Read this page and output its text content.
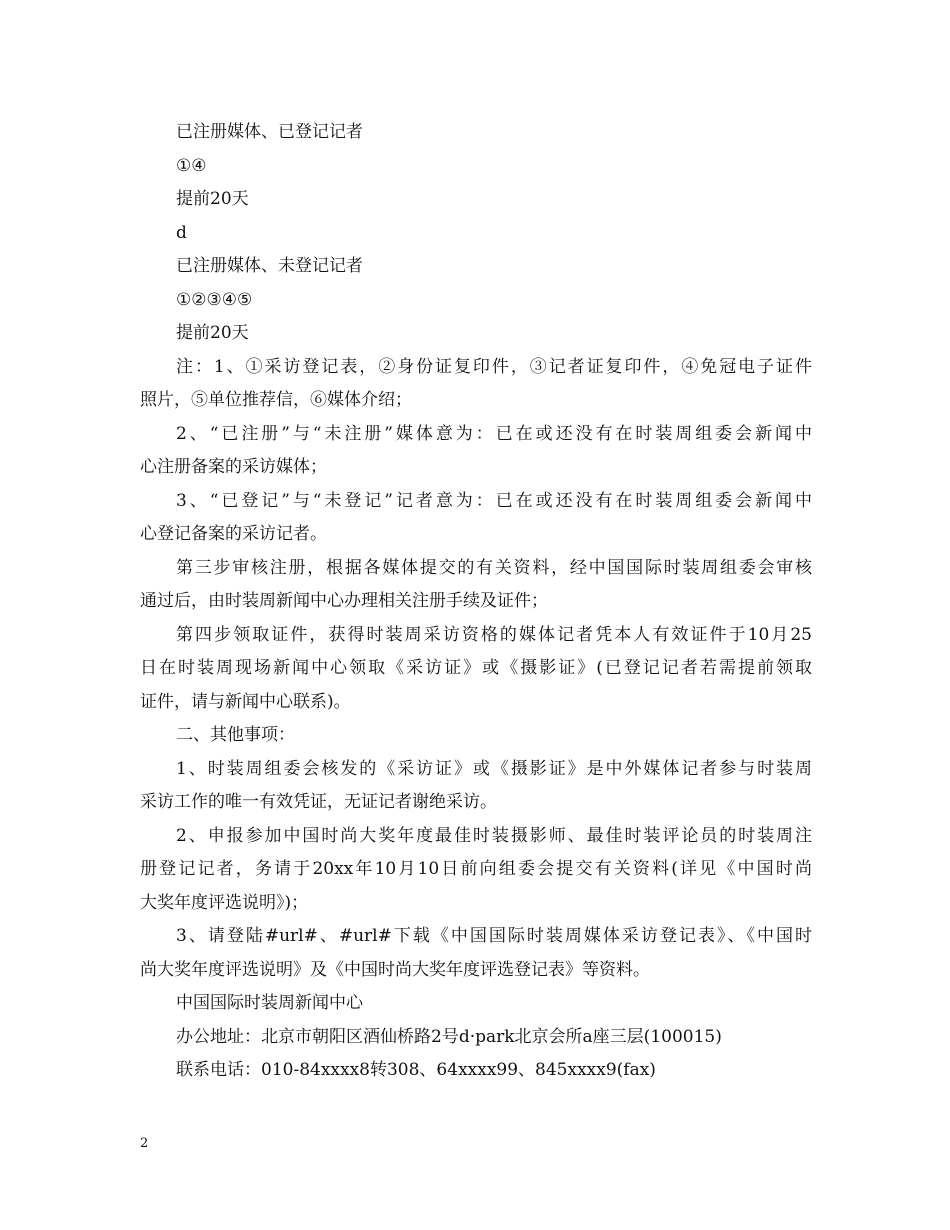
已注册媒体、已登记记者
①④
提前20天
d
已注册媒体、未登记记者
①②③④⑤
提前20天
注：1、①采访登记表，②身份证复印件，③记者证复印件，④免冠电子证件
照片，⑤单位推荐信，⑥媒体介绍；
2、“已注册”与“未注册”媒体意为：已在或还没有在时装周组委会新闻中
心注册备案的采访媒体；
3、“已登记”与“未登记”记者意为：已在或还没有在时装周组委会新闻中
心登记备案的采访记者。
第三步审核注册，根据各媒体提交的有关资料，经中国国际时装周组委会审核
通过后，由时装周新闻中心办理相关注册手续及证件；
第四步领取证件，获得时装周采访资格的媒体记者凭本人有效证件于10月25
日在时装周现场新闻中心领取《采访证》或《摄影证》(已登记记者若需提前领取
证件，请与新闻中心联系)。
二、其他事项：
1、时装周组委会核发的《采访证》或《摄影证》是中外媒体记者参与时装周
采访工作的唯一有效凭证，无证记者谢绝采访。
2、申报参加中国时尚大奖年度最佳时装摄影师、最佳时装评论员的时装周注
册登记记者，务请于20xx年10月10日前向组委会提交有关资料(详见《中国时尚
大奖年度评选说明》)；
3、请登陆#url#、#url#下载《中国国际时装周媒体采访登记表》、《中国时
尚大奖年度评选说明》及《中国时尚大奖年度评选登记表》等资料。
中国国际时装周新闻中心
办公地址：北京市朝阳区酒仙桥路2号d·park北京会所a座三层(100015)
联系电话：010-84xxxx8转308、64xxxx99、845xxxx9(fax)
2
